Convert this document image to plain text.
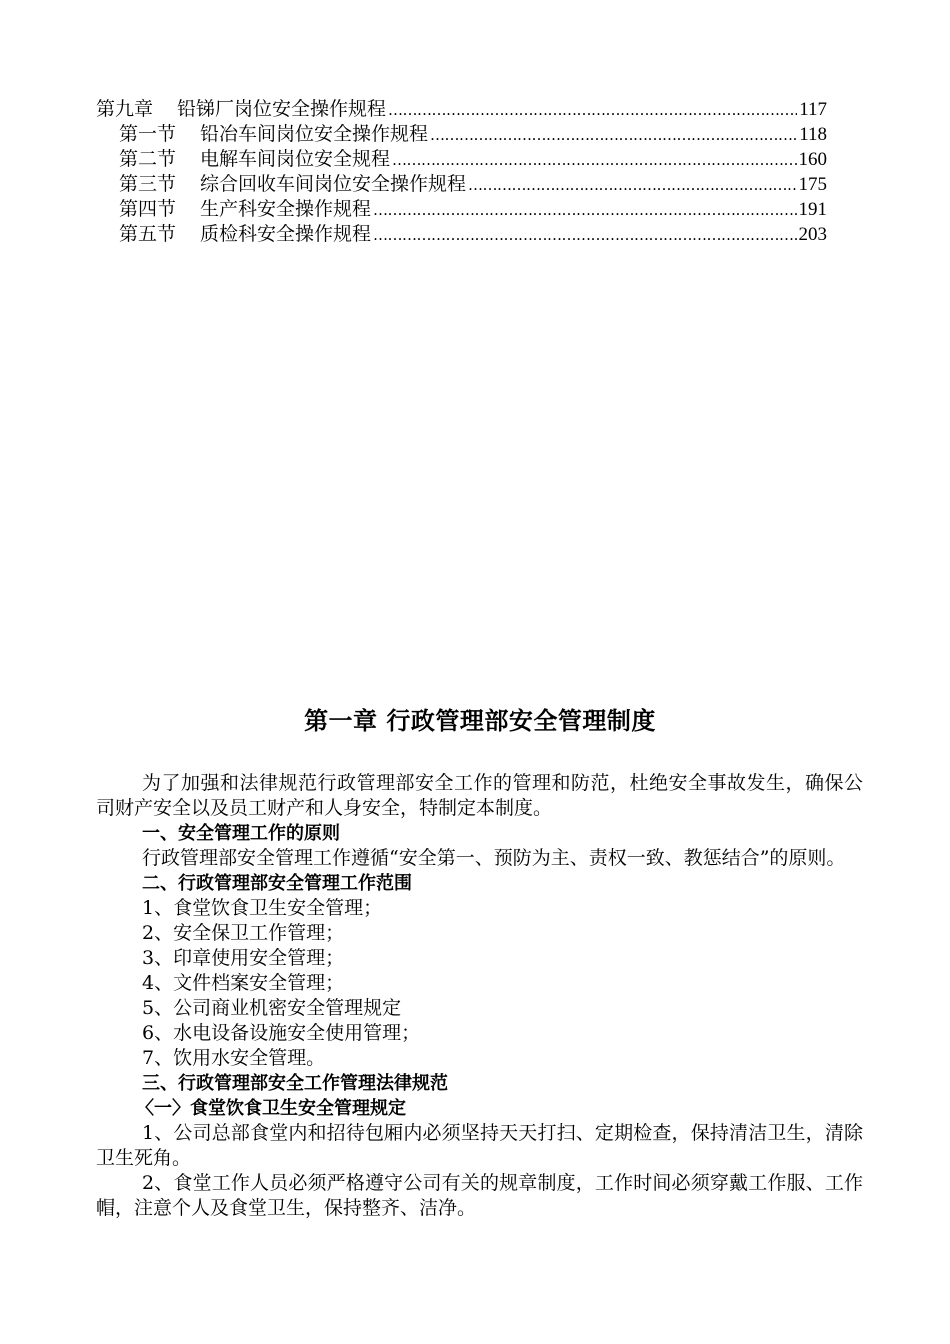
第九章 铅锑厂岗位安全操作规程 ……………………………………………………………………………………………………………………………………………………	117
第一节 铅冶车间岗位安全操作规程 ……………………………………………………………………………………………………………………………………………………	118
第二节 电解车间岗位安全规程 ……………………………………………………………………………………………………………………………………………………	160
第三节 综合回收车间岗位安全操作规程 ……………………………………………………………………………………………………………………………………………………	175
第四节 生产科安全操作规程 ……………………………………………………………………………………………………………………………………………………	191
第五节 质检科安全操作规程 ……………………………………………………………………………………………………………………………………………………	203
第一章 行政管理部安全管理制度

为了加强和法律规范行政管理部安全工作的管理和防范，杜绝安全事故发生，确保公司财产安全以及员工财产和人身安全，特制定本制度。

一、安全管理工作的原则

行政管理部安全管理工作遵循“安全第一、预防为主、责权一致、教惩结合”的原则。

二、行政管理部安全管理工作范围

1、食堂饮食卫生安全管理；

2、安全保卫工作管理；

3、印章使用安全管理；

4、文件档案安全管理；

5、公司商业机密安全管理规定

6、水电设备设施安全使用管理；

7、饮用水安全管理。

三、行政管理部安全工作管理法律规范

〈一〉食堂饮食卫生安全管理规定

1、公司总部食堂内和招待包厢内必须坚持天天打扫、定期检查，保持清洁卫生，清除卫生死角。

2、食堂工作人员必须严格遵守公司有关的规章制度，工作时间必须穿戴工作服、工作帽，注意个人及食堂卫生，保持整齐、洁净。
